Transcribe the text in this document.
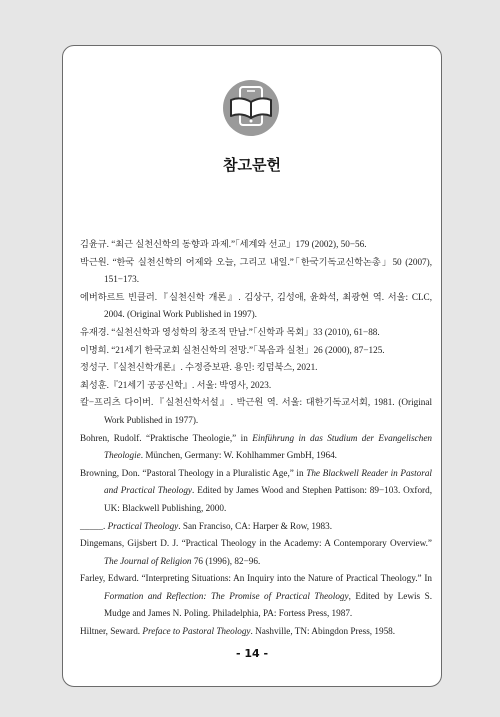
참고문헌
김윤규. “최근 실천신학의 동향과 과제.”「세계와 선교」179 (2002), 50−56.
박근원. “한국 실천신학의 어제와 오늘, 그리고 내일.”「한국기독교신학논총」50 (2007), 151−173.
에버하르트 빈클러.『실천신학 개론』. 김상구, 김성애, 윤화석, 최광현 역. 서울: CLC, 2004. (Original Work Published in 1997).
유재경. “실천신학과 영성학의 창조적 만남.”「신학과 목회」33 (2010), 61−88.
이명희. “21세기 한국교회 실천신학의 전망.”「복음과 실천」26 (2000), 87−125.
정성구.『실천신학개론』. 수정증보판. 용인: 킹덤북스, 2021.
최성훈.『21세기 공공신학』. 서울: 박영사, 2023.
칼−프리츠 다이버.『실천신학서설』. 박근원 역. 서울: 대한기독교서회, 1981. (Original Work Published in 1977).
Bohren, Rudolf. “Praktische Theologie,” in Einführung in das Studium der Evangelischen Theologie. München, Germany: W. Kohlhammer GmbH, 1964.
Browning, Don. “Pastoral Theology in a Pluralistic Age,” in The Blackwell Reader in Pastoral and Practical Theology. Edited by James Wood and Stephen Pattison: 89−103. Oxford, UK: Blackwell Publishing, 2000.
_____. Practical Theology. San Franciso, CA: Harper & Row, 1983.
Dingemans, Gijsbert D. J. “Practical Theology in the Academy: A Contemporary Overview.” The Journal of Religion 76 (1996), 82−96.
Farley, Edward. “Interpreting Situations: An Inquiry into the Nature of Practical Theology.” In Formation and Reflection: The Promise of Practical Theology, Edited by Lewis S. Mudge and James N. Poling. Philadelphia, PA: Fortess Press, 1987.
Hiltner, Seward. Preface to Pastoral Theology. Nashville, TN: Abingdon Press, 1958.
- 14 -
